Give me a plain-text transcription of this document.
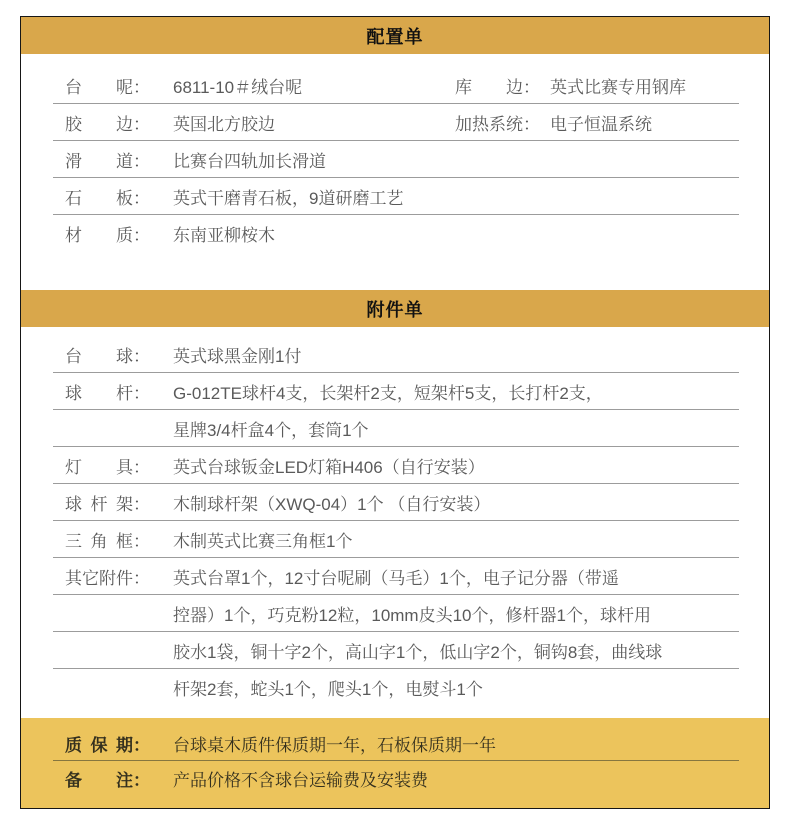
配置单
台呢 ： 6811-10＃绒台呢	库边 ： 英式比赛专用钢库
胶边 ： 英国北方胶边	加热系统 ： 电子恒温系统
滑道 ： 比赛台四轨加长滑道
石板 ： 英式干磨青石板，9道研磨工艺
材质 ： 东南亚柳桉木
附件单
台球 ： 英式球黑金刚1付
球杆 ： G-012TE球杆4支，长架杆2支，短架杆5支，长打杆2支，
星牌3/4杆盒4个，套筒1个
灯具 ： 英式台球钣金LED灯箱H406（自行安装）
球杆架 ： 木制球杆架（XWQ-04）1个 （自行安装）
三角框 ： 木制英式比赛三角框1个
其它附件 ： 英式台罩1个，12寸台呢刷（马毛）1个，电子记分器（带遥
控器）1个，巧克粉12粒，10mm皮头10个，修杆器1个，球杆用
胶水1袋，铜十字2个，高山字1个，低山字2个，铜钩8套，曲线球
杆架2套，蛇头1个，爬头1个，电熨斗1个
质保期 ： 台球桌木质件保质期一年，石板保质期一年
备注 ： 产品价格不含球台运输费及安装费
